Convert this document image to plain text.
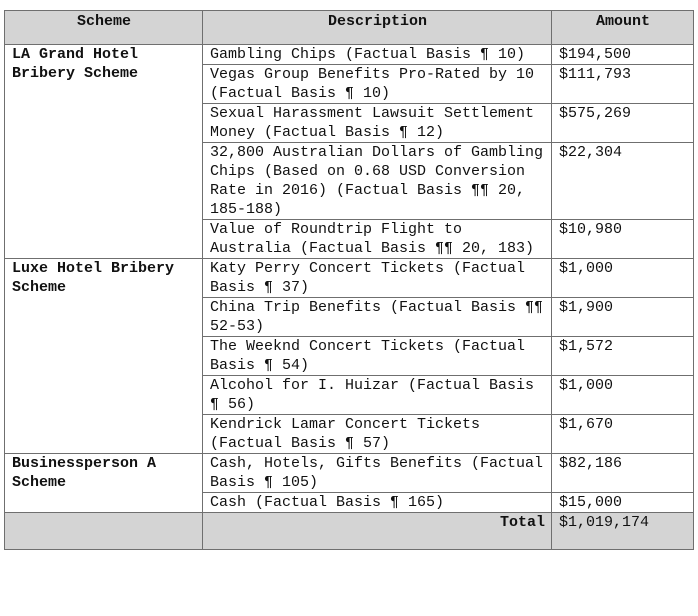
Scheme	Description	Amount
LA Grand Hotel Bribery Scheme	Gambling Chips (Factual Basis ¶ 10)	$194,500
	Vegas Group Benefits Pro-Rated by 10 (Factual Basis ¶ 10)	$111,793
	Sexual Harassment Lawsuit Settlement Money (Factual Basis ¶ 12)	$575,269
	32,800 Australian Dollars of Gambling Chips (Based on 0.68 USD Conversion Rate in 2016) (Factual Basis ¶¶ 20, 185-188)	$22,304
	Value of Roundtrip Flight to Australia (Factual Basis ¶¶ 20, 183)	$10,980
Luxe Hotel Bribery Scheme	Katy Perry Concert Tickets (Factual Basis ¶ 37)	$1,000
	China Trip Benefits (Factual Basis ¶¶ 52-53)	$1,900
	The Weeknd Concert Tickets (Factual Basis ¶ 54)	$1,572
	Alcohol for I. Huizar (Factual Basis ¶ 56)	$1,000
	Kendrick Lamar Concert Tickets (Factual Basis ¶ 57)	$1,670
Businessperson A Scheme	Cash, Hotels, Gifts Benefits (Factual Basis ¶ 105)	$82,186
	Cash (Factual Basis ¶ 165)	$15,000
	Total	$1,019,174
